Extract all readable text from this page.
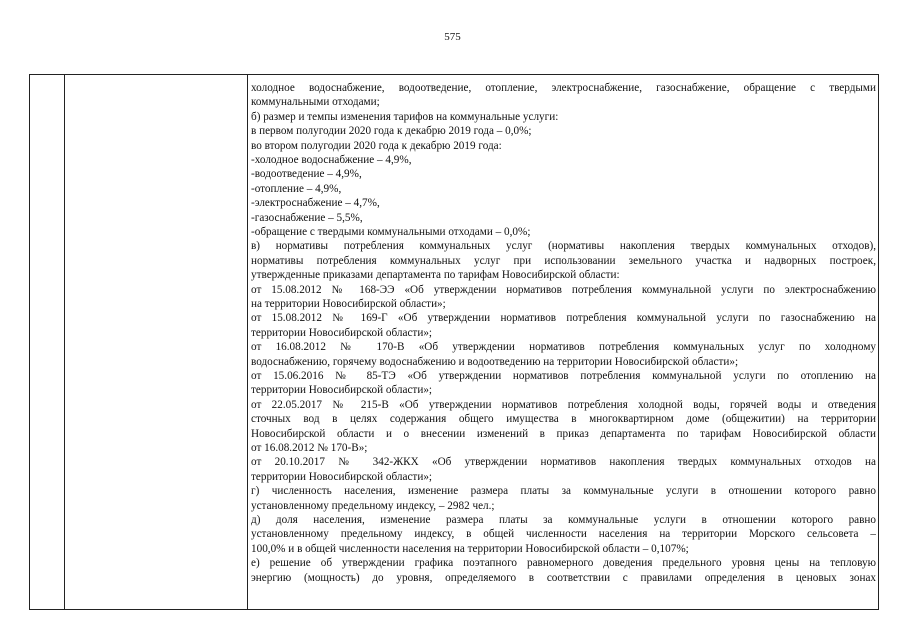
575
холодное водоснабжение, водоотведение, отопление, электроснабжение, газоснабжение, обращение с твердыми
коммунальными отходами;
б) размер и темпы изменения тарифов на коммунальные услуги:
в первом полугодии 2020 года к декабрю 2019 года – 0,0%;
во втором полугодии 2020 года к декабрю 2019 года:
-холодное водоснабжение – 4,9%,
-водоотведение – 4,9%,
-отопление – 4,9%,
-электроснабжение – 4,7%,
-газоснабжение – 5,5%,
-обращение с твердыми коммунальными отходами – 0,0%;
в) нормативы потребления коммунальных услуг (нормативы накопления твердых коммунальных отходов),
нормативы потребления коммунальных услуг при использовании земельного участка и надворных построек,
утвержденные приказами департамента по тарифам Новосибирской области:
от 15.08.2012 № 168-ЭЭ «Об утверждении нормативов потребления коммунальной услуги по электроснабжению
на территории Новосибирской области»;
от 15.08.2012 № 169-Г «Об утверждении нормативов потребления коммунальной услуги по газоснабжению на
территории Новосибирской области»;
от 16.08.2012 № 170-В «Об утверждении нормативов потребления коммунальных услуг по холодному
водоснабжению, горячему водоснабжению и водоотведению на территории Новосибирской области»;
от 15.06.2016 № 85-ТЭ «Об утверждении нормативов потребления коммунальной услуги по отоплению на
территории Новосибирской области»;
от 22.05.2017 № 215-В «Об утверждении нормативов потребления холодной воды, горячей воды и отведения
сточных вод в целях содержания общего имущества в многоквартирном доме (общежитии) на территории
Новосибирской области и о внесении изменений в приказ департамента по тарифам Новосибирской области
от 16.08.2012 № 170-В»;
от 20.10.2017 № 342-ЖКХ «Об утверждении нормативов накопления твердых коммунальных отходов на
территории Новосибирской области»;
г) численность населения, изменение размера платы за коммунальные услуги в отношении которого равно
установленному предельному индексу, – 2982 чел.;
д) доля населения, изменение размера платы за коммунальные услуги в отношении которого равно
установленному предельному индексу, в общей численности населения на территории Морского сельсовета –
100,0% и в общей численности населения на территории Новосибирской области – 0,107%;
е) решение об утверждении графика поэтапного равномерного доведения предельного уровня цены на тепловую
энергию (мощность) до уровня, определяемого в соответствии с правилами определения в ценовых зонах
